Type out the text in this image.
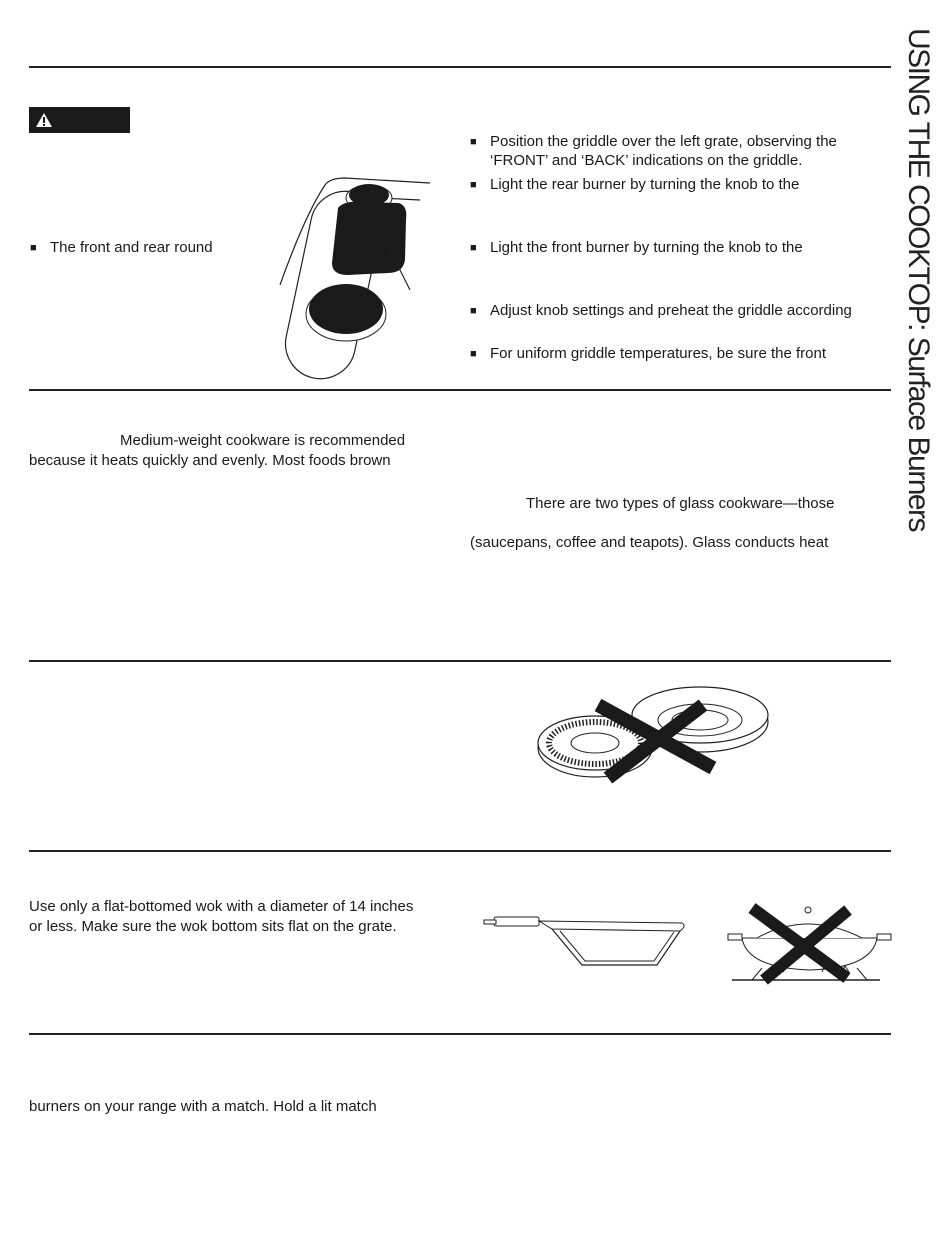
USING THE COOKTOP: Surface Burners
■ The front and rear round
■ Position the griddle over the left grate, observing the
‘FRONT’ and ‘BACK’ indications on the griddle.
■ Light the rear burner by turning the knob to the
■ Light the front burner by turning the knob to the
■ Adjust knob settings and preheat the griddle according
■ For uniform griddle temperatures, be sure the front
Medium-weight cookware is recommended
because it heats quickly and evenly. Most foods brown
There are two types of glass cookware—those
(saucepans, coffee and teapots). Glass conducts heat
Use only a flat-bottomed wok with a diameter of 14 inches
or less. Make sure the wok bottom sits flat on the grate.
burners on your range with a match. Hold a lit match
